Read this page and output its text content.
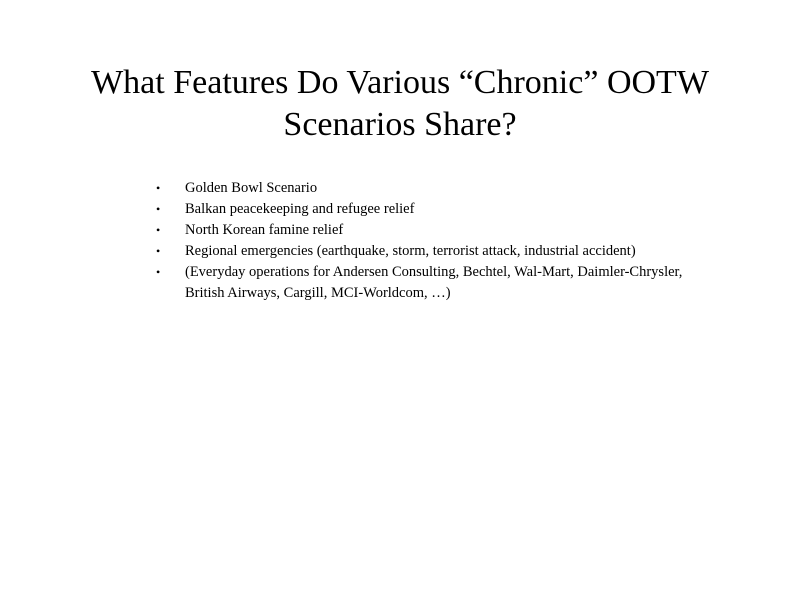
What Features Do Various “Chronic” OOTW
Scenarios Share?
• Golden Bowl Scenario
• Balkan peacekeeping and refugee relief
• North Korean famine relief
• Regional emergencies (earthquake, storm, terrorist attack, industrial accident)
• (Everyday operations for Andersen Consulting, Bechtel, Wal-Mart, Daimler-Chrysler, British Airways, Cargill, MCI-Worldcom, …)
